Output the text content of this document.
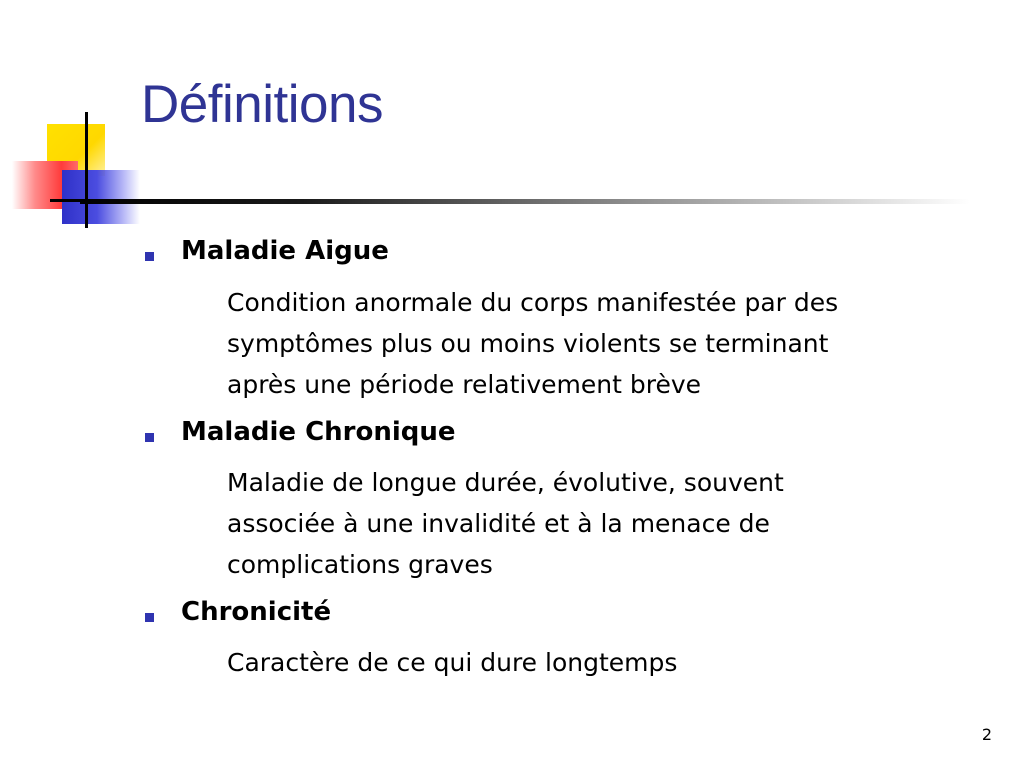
Définitions

Maladie Aigue

Condition anormale du corps manifestée par des
symptômes plus ou moins violents se terminant
après une période relativement brève

Maladie Chronique

Maladie de longue durée, évolutive, souvent
associée à une invalidité et à la menace de
complications graves

Chronicité

Caractère de ce qui dure longtemps

2
